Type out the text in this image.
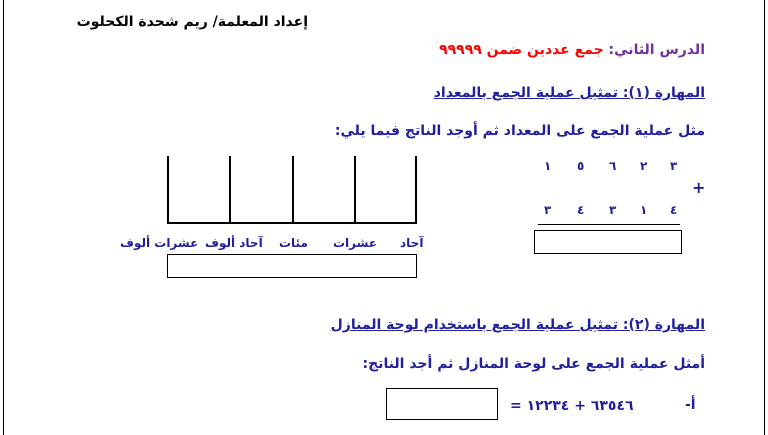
إعداد المعلمة/ ريم شحدة الكحلوت
الدرس الثاني: جمع عددين ضمن ٩٩٩٩٩
المهارة (١): تمثيل عملية الجمع بالمعداد
مثل عملية الجمع على المعداد ثم أوجد الناتج فيما يلي:
آحاد
عشرات
مئات
آحاد ألوف
عشرات ألوف
١ ٥ ٦ ٢ ٣
+
٣ ٤ ٣ ١ ٤
المهارة (٢): تمثيل عملية الجمع باستخدام لوحة المنازل
أمثل عملية الجمع على لوحة المنازل ثم أجد الناتج:
أ-
٦٣٥٤٦ + ١٢٢٣٤ =
